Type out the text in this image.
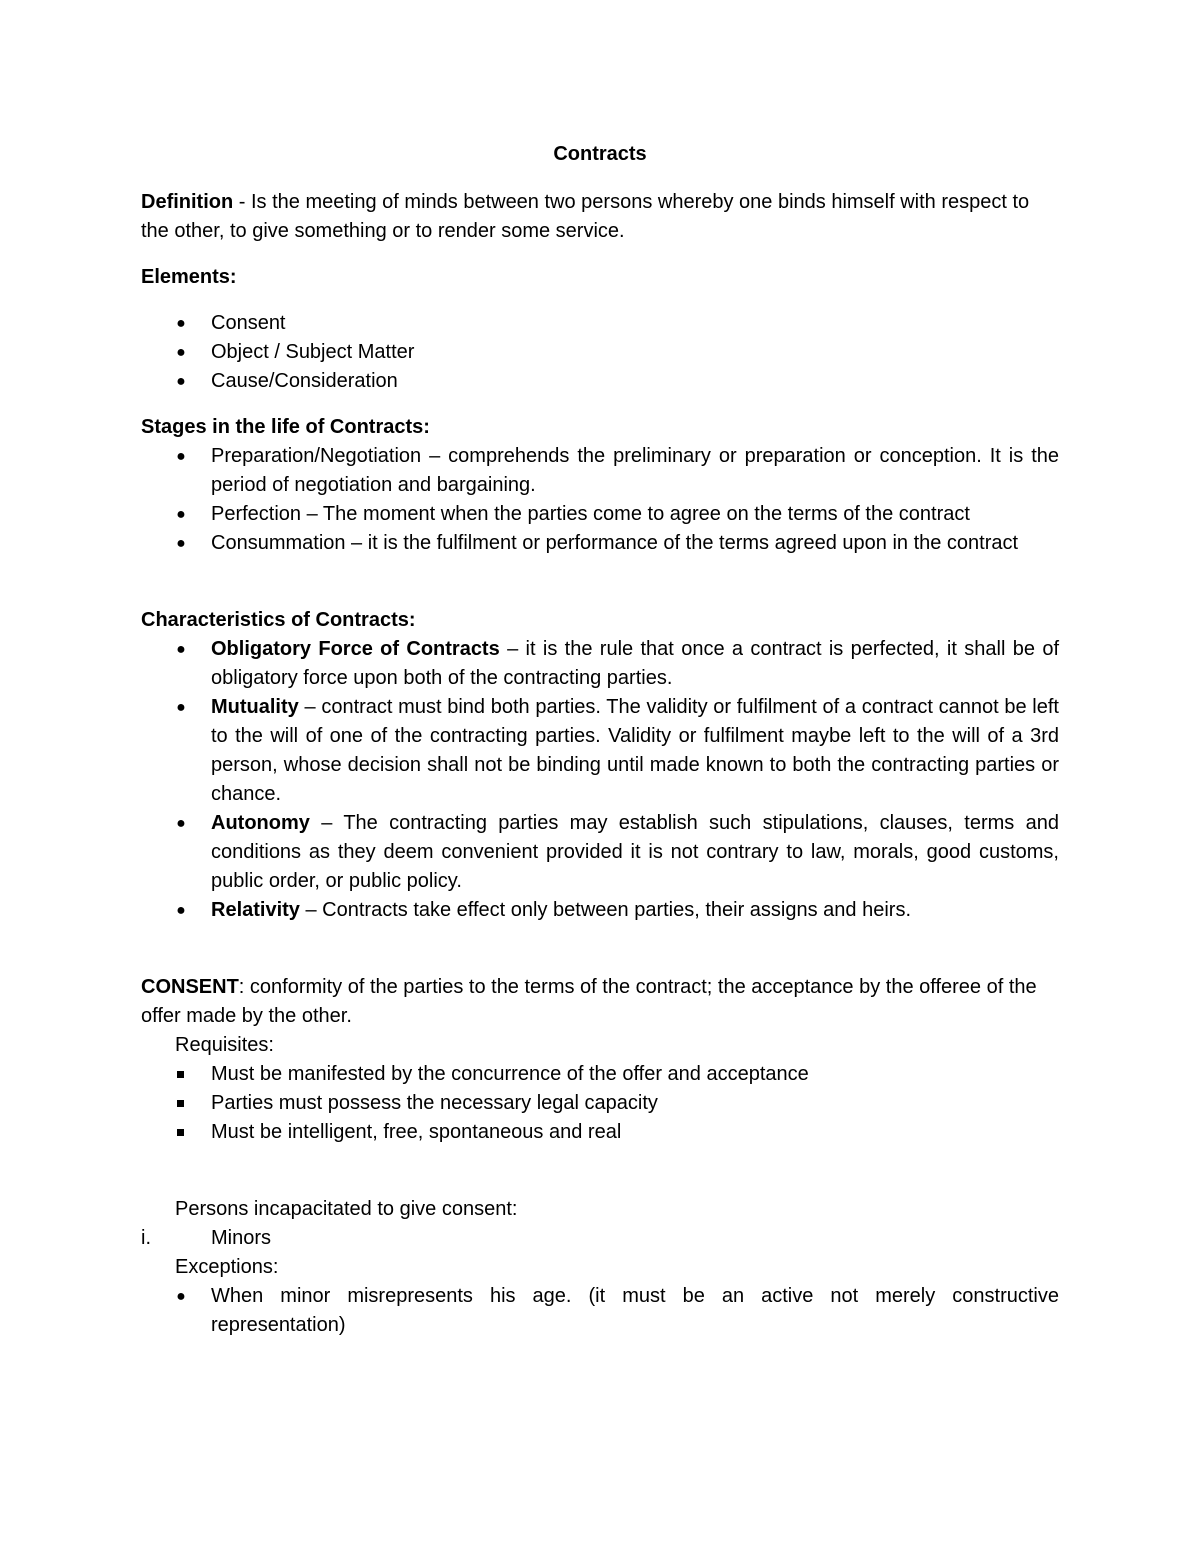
Contracts

Definition - Is the meeting of minds between two persons whereby one binds himself with respect to the other, to give something or to render some service.

Elements:

● Consent
● Object / Subject Matter
● Cause/Consideration

Stages in the life of Contracts:

● Preparation/Negotiation – comprehends the preliminary or preparation or conception. It is the period of negotiation and bargaining.
● Perfection – The moment when the parties come to agree on the terms of the contract
● Consummation – it is the fulfilment or performance of the terms agreed upon in the contract

Characteristics of Contracts:

● Obligatory Force of Contracts – it is the rule that once a contract is perfected, it shall be of obligatory force upon both of the contracting parties.
● Mutuality – contract must bind both parties. The validity or fulfilment of a contract cannot be left to the will of one of the contracting parties. Validity or fulfilment maybe left to the will of a 3rd person, whose decision shall not be binding until made known to both the contracting parties or chance.
● Autonomy – The contracting parties may establish such stipulations, clauses, terms and conditions as they deem convenient provided it is not contrary to law, morals, good customs, public order, or public policy.
● Relativity – Contracts take effect only between parties, their assigns and heirs.

CONSENT: conformity of the parties to the terms of the contract; the acceptance by the offeree of the offer made by the other.

Requisites:

Must be manifested by the concurrence of the offer and acceptance
Parties must possess the necessary legal capacity
Must be intelligent, free, spontaneous and real

Persons incapacitated to give consent:

i.	Minors

Exceptions:

● When minor misrepresents his age. (it must be an active not merely constructive representation)
